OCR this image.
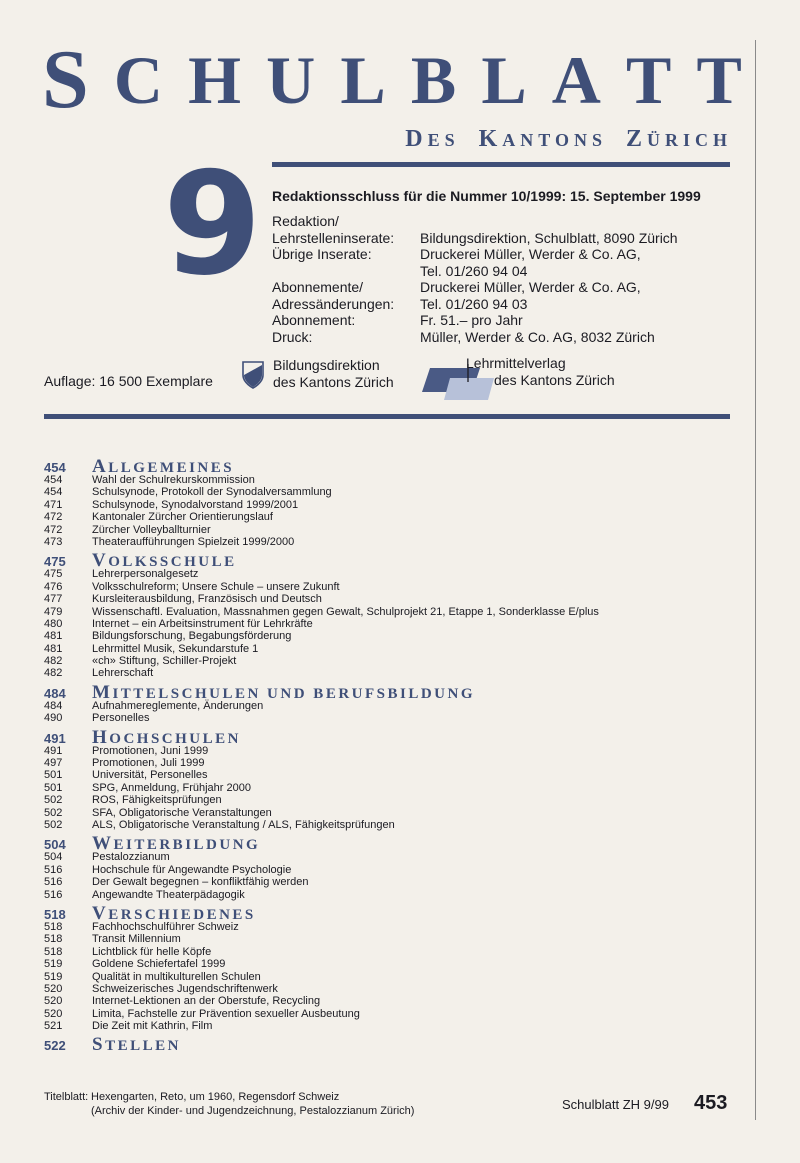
S C H U L B L A T T
DES KANTONS ZÜRICH
9 Redaktionsschluss für die Nummer 10/1999: 15. September 1999
Redaktion/
Lehrstelleninserate: Bildungsdirektion, Schulblatt, 8090 Zürich
Übrige Inserate:	Druckerei Müller, Werder & Co. AG,
Tel. 01/260 94 04
Abonnemente/	Druckerei Müller, Werder & Co. AG,
Adressänderungen: Tel. 01/260 94 03
Abonnement:	Fr. 51.– pro Jahr
Druck:	Müller, Werder & Co. AG, 8032 Zürich
Auflage: 16 500 Exemplare
Bildungsdirektion
des Kantons Zürich
Lehrmittelverlag
des Kantons Zürich
454	ALLGEMEINES
454	Wahl der Schulrekurskommission
454	Schulsynode, Protokoll der Synodalversammlung
471	Schulsynode, Synodalvorstand 1999/2001
472	Kantonaler Zürcher Orientierungslauf
472	Zürcher Volleyballturnier
473	Theateraufführungen Spielzeit 1999/2000
475	VOLKSSCHULE
475	Lehrerpersonalgesetz
476	Volksschulreform; Unsere Schule – unsere Zukunft
477	Kursleiterausbildung, Französisch und Deutsch
479	Wissenschaftl. Evaluation, Massnahmen gegen Gewalt, Schulprojekt 21, Etappe 1, Sonderklasse E/plus
480	Internet – ein Arbeitsinstrument für Lehrkräfte
481	Bildungsforschung, Begabungsförderung
481	Lehrmittel Musik, Sekundarstufe 1
482	«ch» Stiftung, Schiller-Projekt
482	Lehrerschaft
484	MITTELSCHULEN UND BERUFSBILDUNG
484	Aufnahmereglemente, Änderungen
490	Personelles
491	HOCHSCHULEN
491	Promotionen, Juni 1999
497	Promotionen, Juli 1999
501	Universität, Personelles
501	SPG, Anmeldung, Frühjahr 2000
502	ROS, Fähigkeitsprüfungen
502	SFA, Obligatorische Veranstaltungen
502	ALS, Obligatorische Veranstaltung / ALS, Fähigkeitsprüfungen
504	WEITERBILDUNG
504	Pestalozzianum
516	Hochschule für Angewandte Psychologie
516	Der Gewalt begegnen – konfliktfähig werden
516	Angewandte Theaterpädagogik
518	VERSCHIEDENES
518	Fachhochschulführer Schweiz
518	Transit Millennium
518	Lichtblick für helle Köpfe
519	Goldene Schiefertafel 1999
519	Qualität in multikulturellen Schulen
520	Schweizerisches Jugendschriftenwerk
520	Internet-Lektionen an der Oberstufe, Recycling
520	Limita, Fachstelle zur Prävention sexueller Ausbeutung
521	Die Zeit mit Kathrin, Film
522	STELLEN
Titelblatt: Hexengarten, Reto, um 1960, Regensdorf Schweiz
(Archiv der Kinder- und Jugendzeichnung, Pestalozzianum Zürich)	Schulblatt ZH 9/99 453
